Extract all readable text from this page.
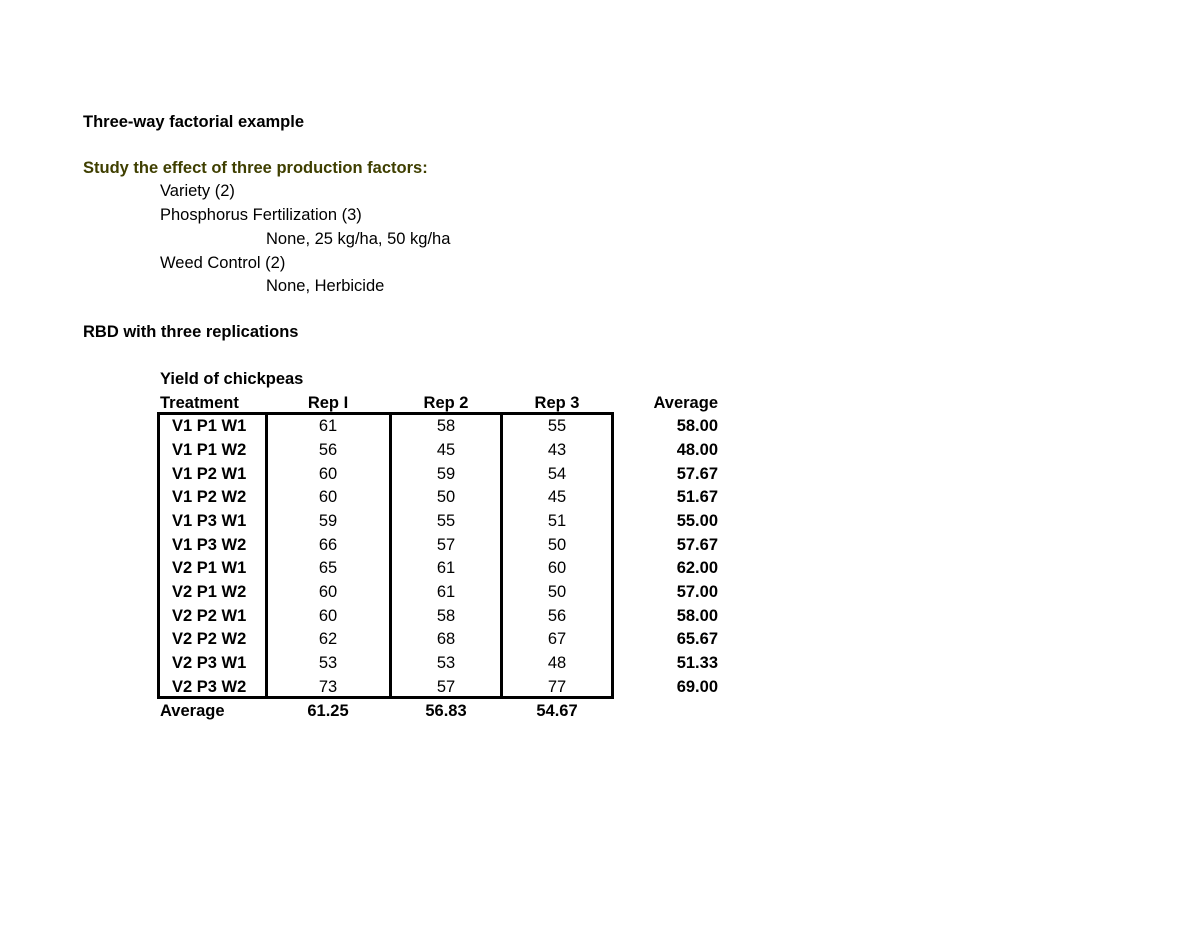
Three-way factorial example
Study the effect of three production factors:
Variety (2)
Phosphorus Fertilization (3)
None, 25 kg/ha, 50 kg/ha
Weed Control (2)
None, Herbicide
RBD with three replications
Yield of chickpeas
Treatment	Rep I	Rep 2	Rep 3	Average
V1 P1 W1	61	58	55	58.00
V1 P1 W2	56	45	43	48.00
V1 P2 W1	60	59	54	57.67
V1 P2 W2	60	50	45	51.67
V1 P3 W1	59	55	51	55.00
V1 P3 W2	66	57	50	57.67
V2 P1 W1	65	61	60	62.00
V2 P1 W2	60	61	50	57.00
V2 P2 W1	60	58	56	58.00
V2 P2 W2	62	68	67	65.67
V2 P3 W1	53	53	48	51.33
V2 P3 W2	73	57	77	69.00
Average	61.25	56.83	54.67
